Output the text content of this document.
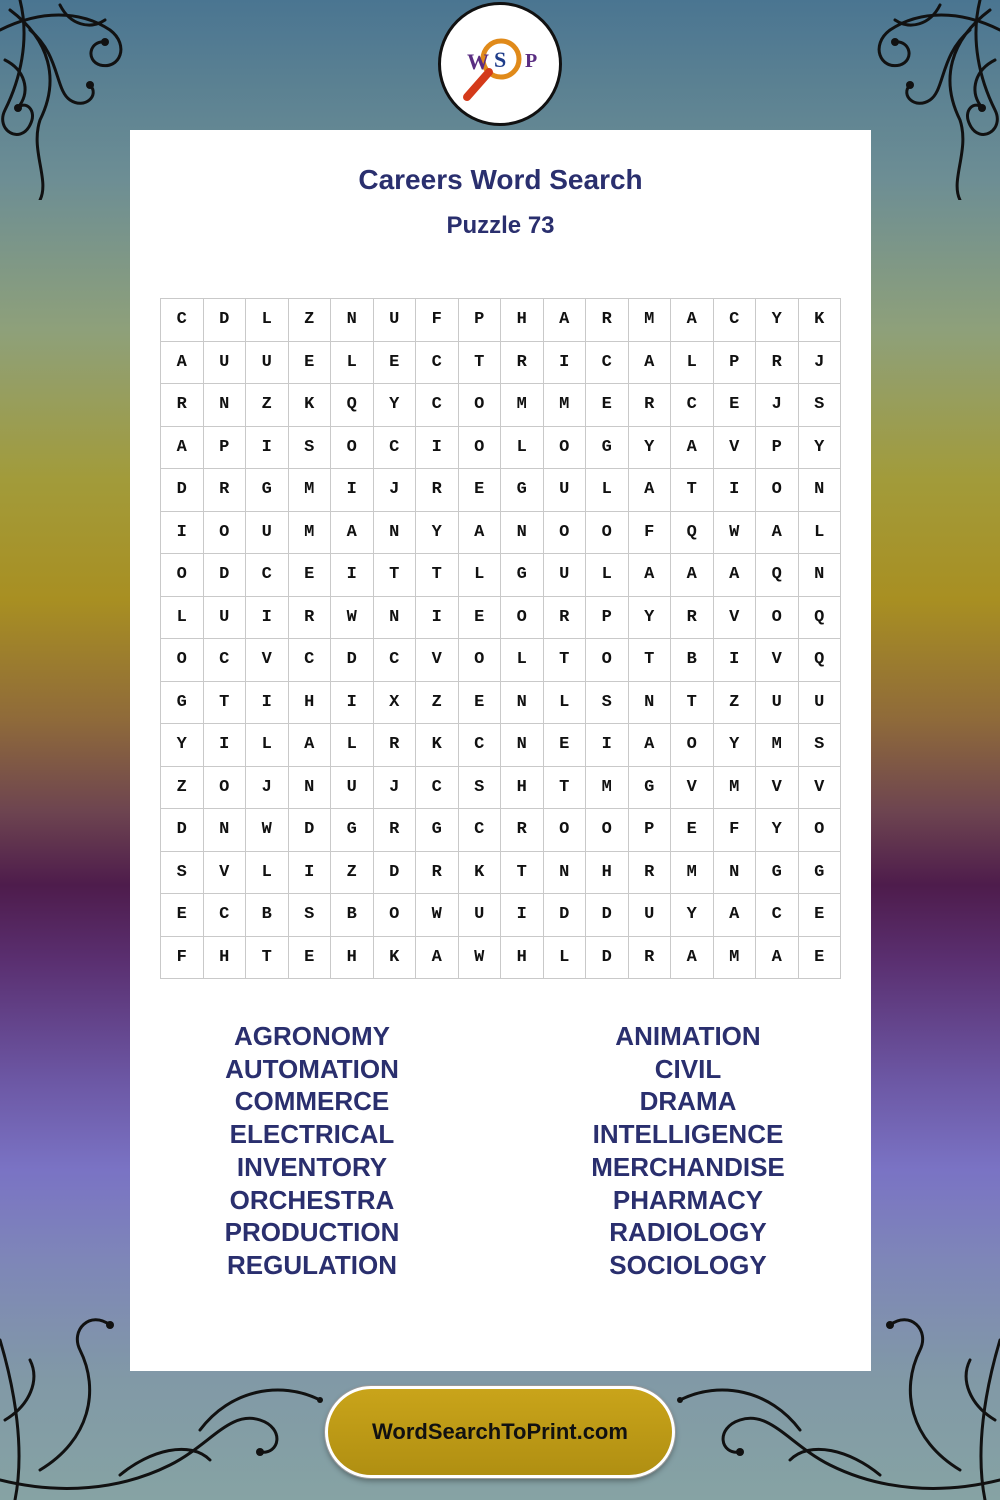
W S P
Careers Word Search
Puzzle 73
C	D	L	Z	N	U	F	P	H	A	R	M	A	C	Y	K
A	U	U	E	L	E	C	T	R	I	C	A	L	P	R	J
R	N	Z	K	Q	Y	C	O	M	M	E	R	C	E	J	S
A	P	I	S	O	C	I	O	L	O	G	Y	A	V	P	Y
D	R	G	M	I	J	R	E	G	U	L	A	T	I	O	N
I	O	U	M	A	N	Y	A	N	O	O	F	Q	W	A	L
O	D	C	E	I	T	T	L	G	U	L	A	A	A	Q	N
L	U	I	R	W	N	I	E	O	R	P	Y	R	V	O	Q
O	C	V	C	D	C	V	O	L	T	O	T	B	I	V	Q
G	T	I	H	I	X	Z	E	N	L	S	N	T	Z	U	U
Y	I	L	A	L	R	K	C	N	E	I	A	O	Y	M	S
Z	O	J	N	U	J	C	S	H	T	M	G	V	M	V	V
D	N	W	D	G	R	G	C	R	O	O	P	E	F	Y	O
S	V	L	I	Z	D	R	K	T	N	H	R	M	N	G	G
E	C	B	S	B	O	W	U	I	D	D	U	Y	A	C	E
F	H	T	E	H	K	A	W	H	L	D	R	A	M	A	E
AGRONOMY
AUTOMATION
COMMERCE
ELECTRICAL
INVENTORY
ORCHESTRA
PRODUCTION
REGULATION
ANIMATION
CIVIL
DRAMA
INTELLIGENCE
MERCHANDISE
PHARMACY
RADIOLOGY
SOCIOLOGY
WordSearchToPrint.com
